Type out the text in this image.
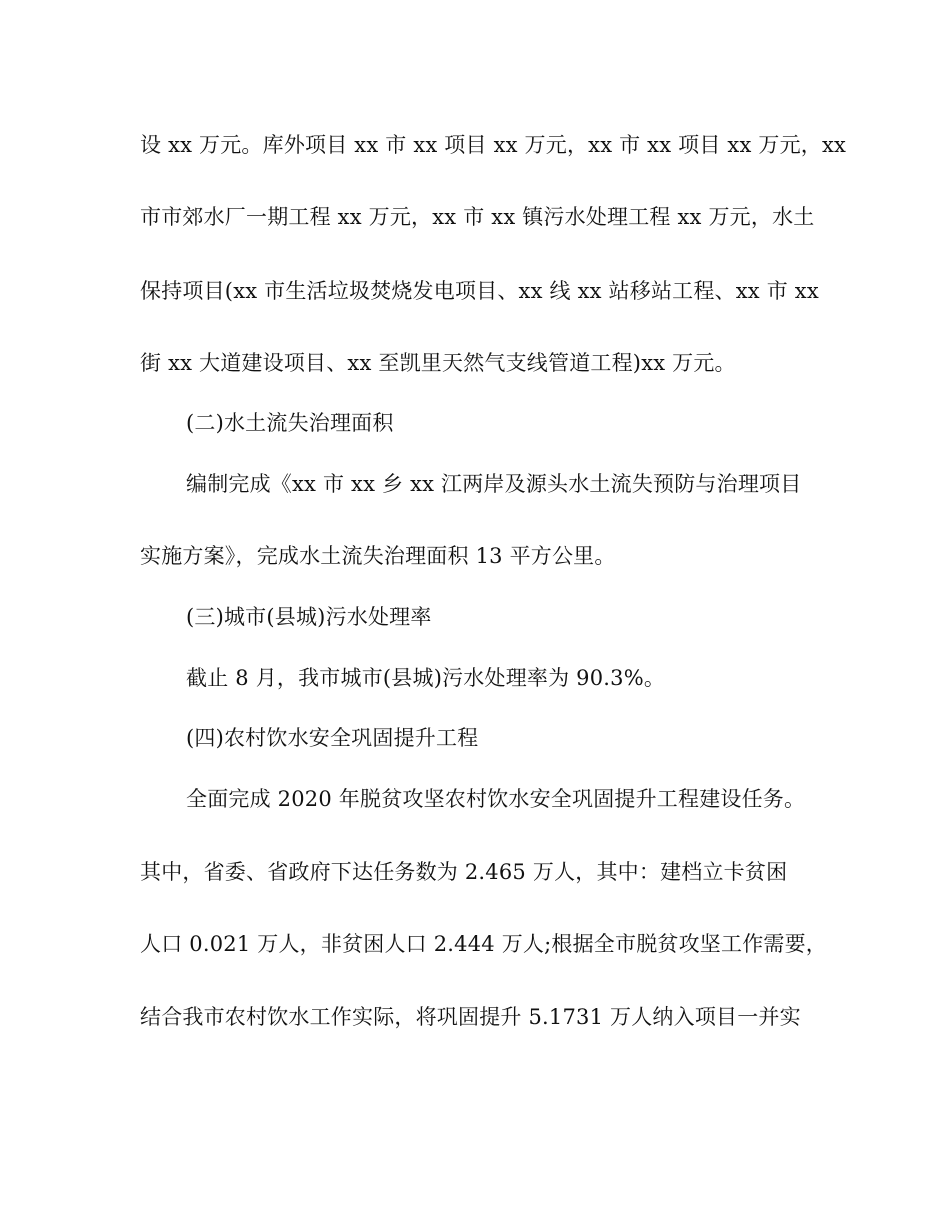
设 xx 万元。库外项目 xx 市 xx 项目 xx 万元，xx 市 xx 项目 xx 万元，xx
市市郊水厂一期工程 xx 万元，xx 市 xx 镇污水处理工程 xx 万元，水土
保持项目(xx 市生活垃圾焚烧发电项目、xx 线 xx 站移站工程、xx 市 xx
街 xx 大道建设项目、xx 至凯里天然气支线管道工程)xx 万元。
(二)水土流失治理面积
编制完成《xx 市 xx 乡 xx 江两岸及源头水土流失预防与治理项目
实施方案》，完成水土流失治理面积 13 平方公里。
(三)城市(县城)污水处理率
截止 8 月，我市城市(县城)污水处理率为 90.3%。
(四)农村饮水安全巩固提升工程
全面完成 2020 年脱贫攻坚农村饮水安全巩固提升工程建设任务。
其中，省委、省政府下达任务数为 2.465 万人，其中：建档立卡贫困
人口 0.021 万人，非贫困人口 2.444 万人;根据全市脱贫攻坚工作需要，
结合我市农村饮水工作实际，将巩固提升 5.1731 万人纳入项目一并实
